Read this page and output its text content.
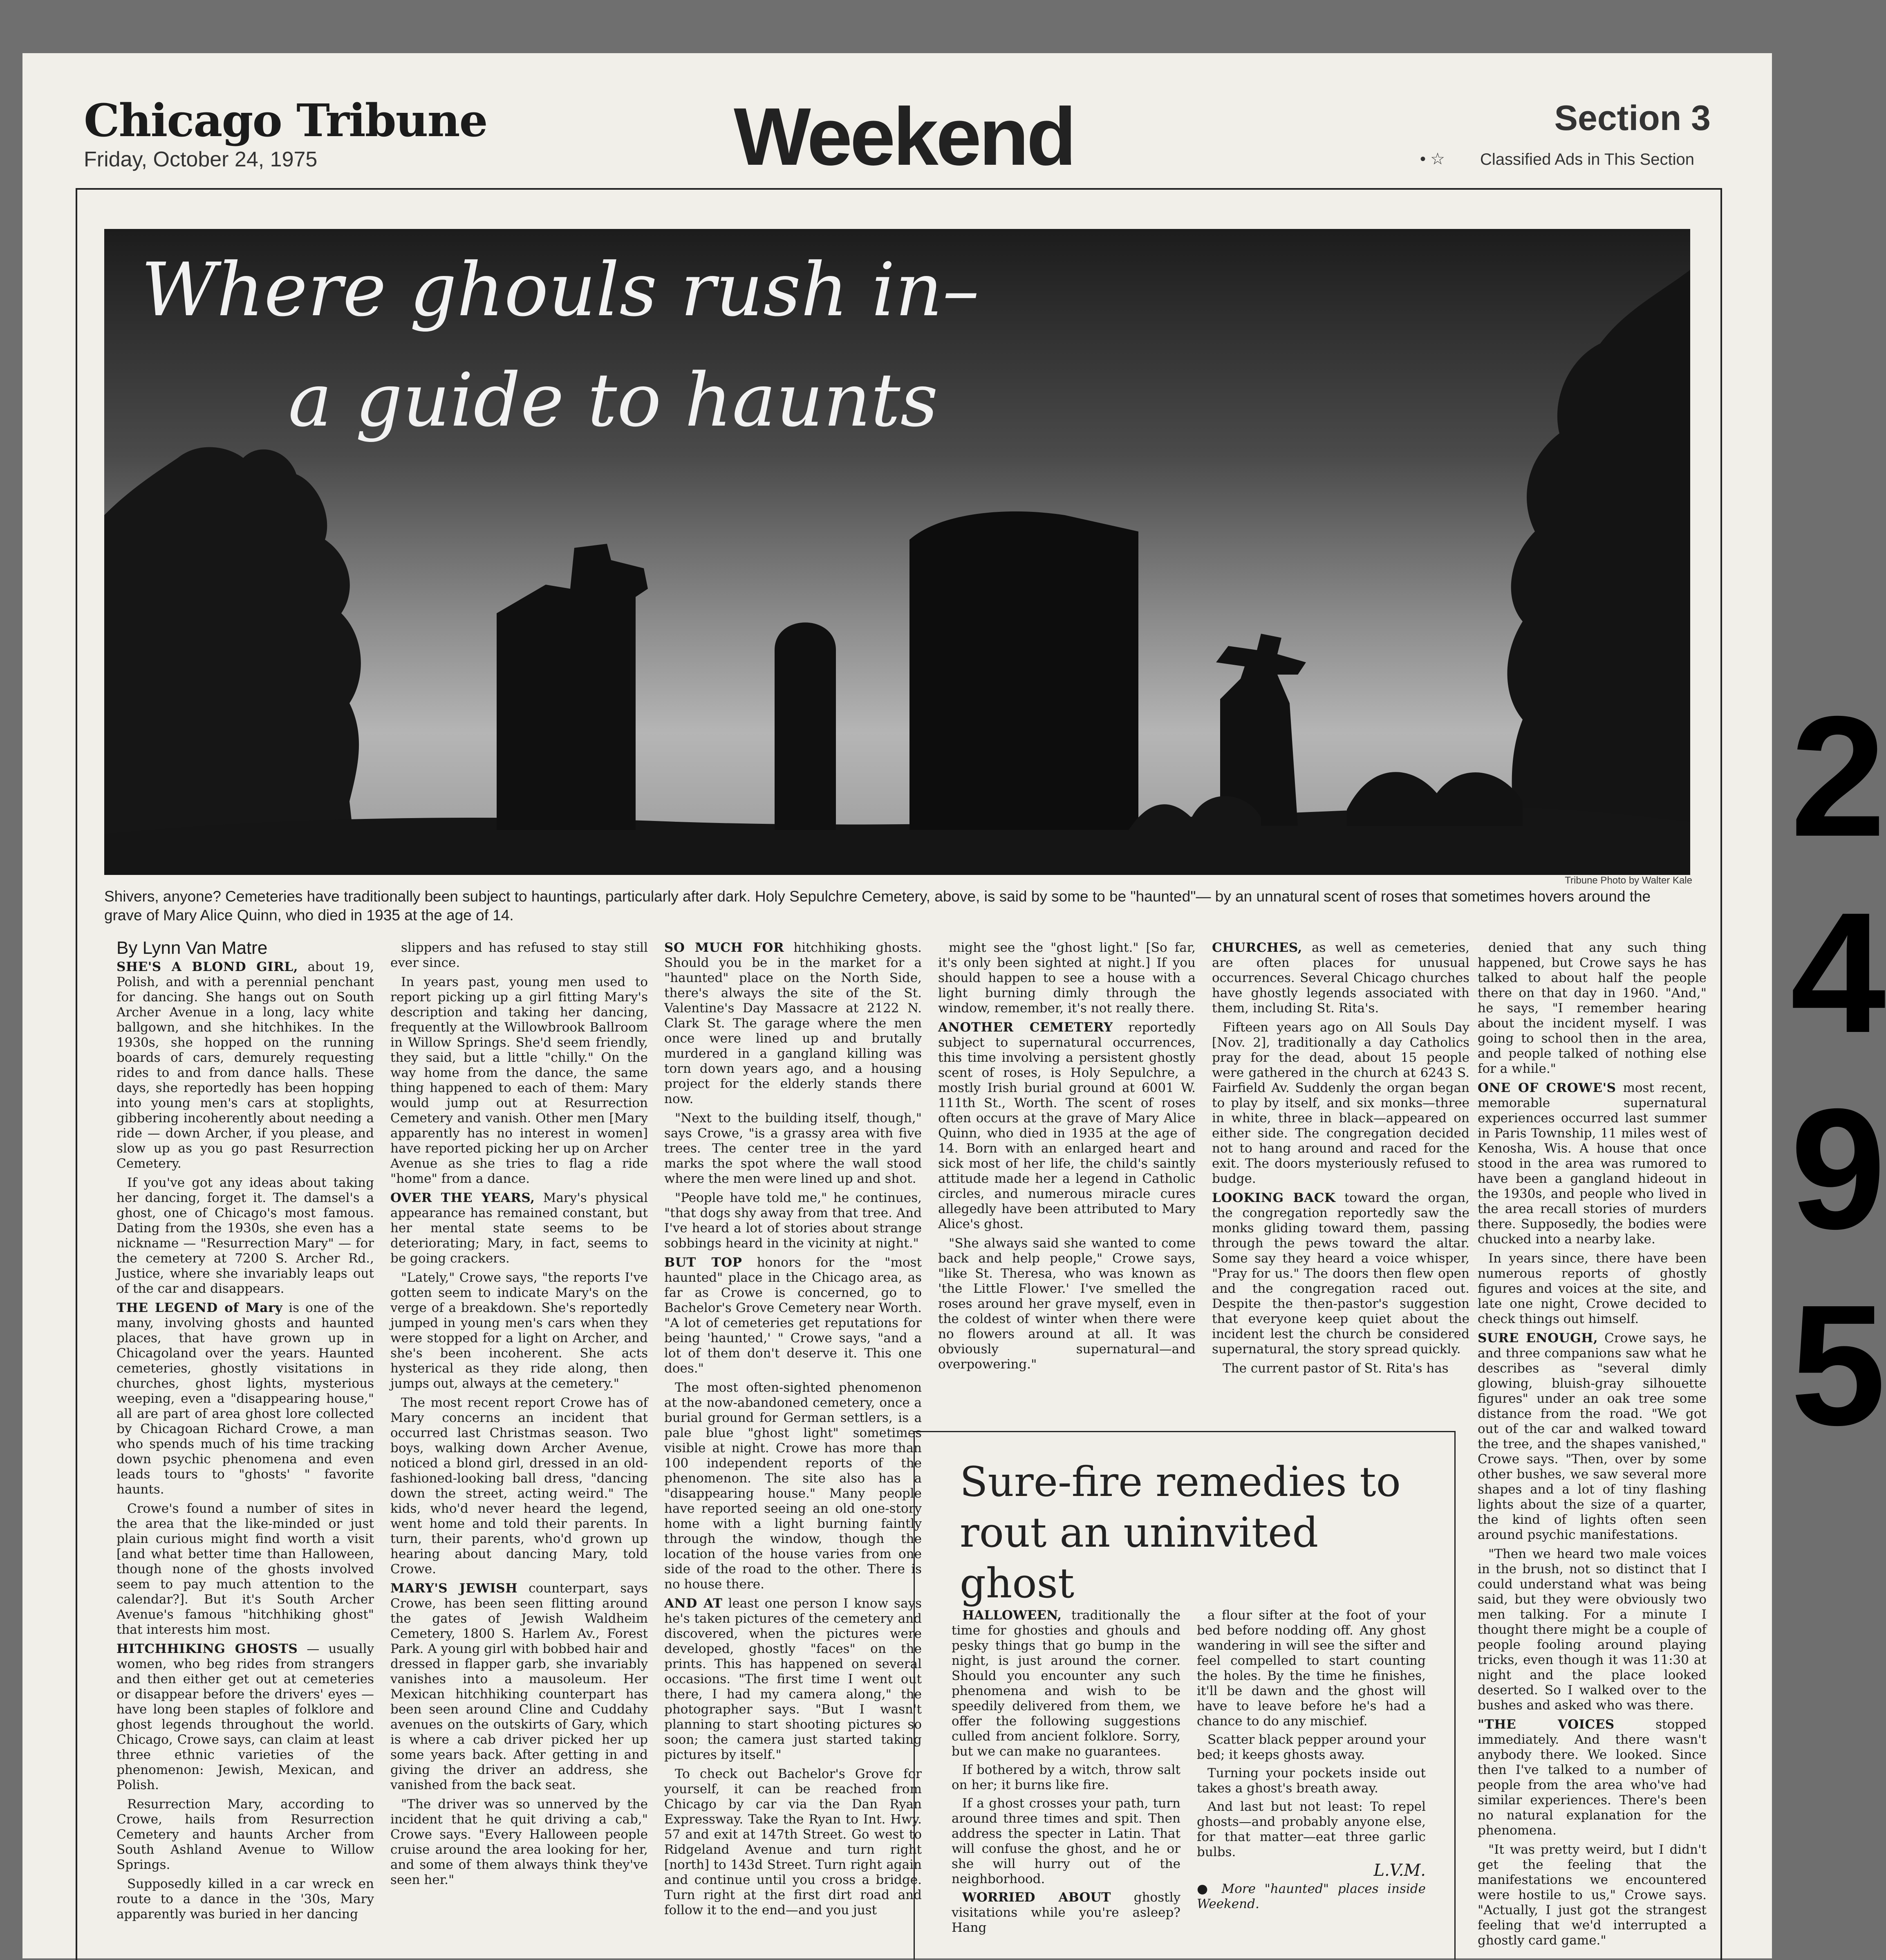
Chicago Tribune
Friday, October 24, 1975	Weekend	Section 3
• ☆ Classified Ads in This Section
Where ghouls rush in–
a guide to haunts
Tribune Photo by Walter Kale
Shivers, anyone? Cemeteries have traditionally been subject to hauntings, particularly after dark. Holy Sepulchre Cemetery, above, is said by some to be "haunted"— by an unnatural scent of roses that sometimes hovers around the grave of Mary Alice Quinn, who died in 1935 at the age of 14.

By Lynn Van Matre

SHE'S A BLOND GIRL, about 19, Polish, and with a perennial penchant for dancing. She hangs out on South Archer Avenue in a long, lacy white ballgown, and she hitchhikes. In the 1930s, she hopped on the running boards of cars, demurely requesting rides to and from dance halls. These days, she reportedly has been hopping into young men's cars at stoplights, gibbering incoherently about needing a ride — down Archer, if you please, and slow up as you go past Resurrection Cemetery.

If you've got any ideas about taking her dancing, forget it. The damsel's a ghost, one of Chicago's most famous. Dating from the 1930s, she even has a nickname — "Resurrection Mary" — for the cemetery at 7200 S. Archer Rd., Justice, where she invariably leaps out of the car and disappears.

THE LEGEND of Mary is one of the many, involving ghosts and haunted places, that have grown up in Chicagoland over the years. Haunted cemeteries, ghostly visitations in churches, ghost lights, mysterious weeping, even a "disappearing house," all are part of area ghost lore collected by Chicagoan Richard Crowe, a man who spends much of his time tracking down psychic phenomena and even leads tours to "ghosts' " favorite haunts.

Crowe's found a number of sites in the area that the like-minded or just plain curious might find worth a visit [and what better time than Halloween, though none of the ghosts involved seem to pay much attention to the calendar?]. But it's South Archer Avenue's famous "hitchhiking ghost" that interests him most.

HITCHHIKING GHOSTS — usually women, who beg rides from strangers and then either get out at cemeteries or disappear before the drivers' eyes — have long been staples of folklore and ghost legends throughout the world. Chicago, Crowe says, can claim at least three ethnic varieties of the phenomenon: Jewish, Mexican, and Polish.

Resurrection Mary, according to Crowe, hails from Resurrection Cemetery and haunts Archer from South Ashland Avenue to Willow Springs.

Supposedly killed in a car wreck en route to a dance in the '30s, Mary apparently was buried in her dancing

slippers and has refused to stay still ever since.

In years past, young men used to report picking up a girl fitting Mary's description and taking her dancing, frequently at the Willowbrook Ballroom in Willow Springs. She'd seem friendly, they said, but a little "chilly." On the way home from the dance, the same thing happened to each of them: Mary would jump out at Resurrection Cemetery and vanish. Other men [Mary apparently has no interest in women] have reported picking her up on Archer Avenue as she tries to flag a ride "home" from a dance.

OVER THE YEARS, Mary's physical appearance has remained constant, but her mental state seems to be deteriorating; Mary, in fact, seems to be going crackers.

"Lately," Crowe says, "the reports I've gotten seem to indicate Mary's on the verge of a breakdown. She's reportedly jumped in young men's cars when they were stopped for a light on Archer, and she's been incoherent. She acts hysterical as they ride along, then jumps out, always at the cemetery."

The most recent report Crowe has of Mary concerns an incident that occurred last Christmas season. Two boys, walking down Archer Avenue, noticed a blond girl, dressed in an old-fashioned-looking ball dress, "dancing down the street, acting weird." The kids, who'd never heard the legend, went home and told their parents. In turn, their parents, who'd grown up hearing about dancing Mary, told Crowe.

MARY'S JEWISH counterpart, says Crowe, has been seen flitting around the gates of Jewish Waldheim Cemetery, 1800 S. Harlem Av., Forest Park. A young girl with bobbed hair and dressed in flapper garb, she invariably vanishes into a mausoleum. Her Mexican hitchhiking counterpart has been seen around Cline and Cuddahy avenues on the outskirts of Gary, which is where a cab driver picked her up some years back. After getting in and giving the driver an address, she vanished from the back seat.

"The driver was so unnerved by the incident that he quit driving a cab," Crowe says. "Every Halloween people cruise around the area looking for her, and some of them always think they've seen her."

SO MUCH FOR hitchhiking ghosts. Should you be in the market for a "haunted" place on the North Side, there's always the site of the St. Valentine's Day Massacre at 2122 N. Clark St. The garage where the men once were lined up and brutally murdered in a gangland killing was torn down years ago, and a housing project for the elderly stands there now.

"Next to the building itself, though," says Crowe, "is a grassy area with five trees. The center tree in the yard marks the spot where the wall stood where the men were lined up and shot.

"People have told me," he continues, "that dogs shy away from that tree. And I've heard a lot of stories about strange sobbings heard in the vicinity at night."

BUT TOP honors for the "most haunted" place in the Chicago area, as far as Crowe is concerned, go to Bachelor's Grove Cemetery near Worth. "A lot of cemeteries get reputations for being 'haunted,' " Crowe says, "and a lot of them don't deserve it. This one does."

The most often-sighted phenomenon at the now-abandoned cemetery, once a burial ground for German settlers, is a pale blue "ghost light" sometimes visible at night. Crowe has more than 100 independent reports of the phenomenon. The site also has a "disappearing house." Many people have reported seeing an old one-story home with a light burning faintly through the window, though the location of the house varies from one side of the road to the other. There is no house there.

AND AT least one person I know says he's taken pictures of the cemetery and discovered, when the pictures were developed, ghostly "faces" on the prints. This has happened on several occasions. "The first time I went out there, I had my camera along," the photographer says. "But I wasn't planning to start shooting pictures so soon; the camera just started taking pictures by itself."

To check out Bachelor's Grove for yourself, it can be reached from Chicago by car via the Dan Ryan Expressway. Take the Ryan to Int. Hwy. 57 and exit at 147th Street. Go west to Ridgeland Avenue and turn right [north] to 143d Street. Turn right again and continue until you cross a bridge. Turn right at the first dirt road and follow it to the end—and you just

might see the "ghost light." [So far, it's only been sighted at night.] If you should happen to see a house with a light burning dimly through the window, remember, it's not really there.

ANOTHER CEMETERY reportedly subject to supernatural occurrences, this time involving a persistent ghostly scent of roses, is Holy Sepulchre, a mostly Irish burial ground at 6001 W. 111th St., Worth. The scent of roses often occurs at the grave of Mary Alice Quinn, who died in 1935 at the age of 14. Born with an enlarged heart and sick most of her life, the child's saintly attitude made her a legend in Catholic circles, and numerous miracle cures allegedly have been attributed to Mary Alice's ghost.

"She always said she wanted to come back and help people," Crowe says, "like St. Theresa, who was known as 'the Little Flower.' I've smelled the roses around her grave myself, even in the coldest of winter when there were no flowers around at all. It was obviously supernatural—and overpowering."

CHURCHES, as well as cemeteries, are often places for unusual occurrences. Several Chicago churches have ghostly legends associated with them, including St. Rita's.

Fifteen years ago on All Souls Day [Nov. 2], traditionally a day Catholics pray for the dead, about 15 people were gathered in the church at 6243 S. Fairfield Av. Suddenly the organ began to play by itself, and six monks—three in white, three in black—appeared on either side. The congregation decided not to hang around and raced for the exit. The doors mysteriously refused to budge.

LOOKING BACK toward the organ, the congregation reportedly saw the monks gliding toward them, passing through the pews toward the altar. Some say they heard a voice whisper, "Pray for us." The doors then flew open and the congregation raced out. Despite the then-pastor's suggestion that everyone keep quiet about the incident lest the church be considered supernatural, the story spread quickly.

The current pastor of St. Rita's has

denied that any such thing happened, but Crowe says he has talked to about half the people there on that day in 1960. "And," he says, "I remember hearing about the incident myself. I was going to school then in the area, and people talked of nothing else for a while."

ONE OF CROWE'S most recent, memorable supernatural experiences occurred last summer in Paris Township, 11 miles west of Kenosha, Wis. A house that once stood in the area was rumored to have been a gangland hideout in the 1930s, and people who lived in the area recall stories of murders there. Supposedly, the bodies were chucked into a nearby lake.

In years since, there have been numerous reports of ghostly figures and voices at the site, and late one night, Crowe decided to check things out himself.

SURE ENOUGH, Crowe says, he and three companions saw what he describes as "several dimly glowing, bluish-gray silhouette figures" under an oak tree some distance from the road. "We got out of the car and walked toward the tree, and the shapes vanished," Crowe says. "Then, over by some other bushes, we saw several more shapes and a lot of tiny flashing lights about the size of a quarter, the kind of lights often seen around psychic manifestations.

"Then we heard two male voices in the brush, not so distinct that I could understand what was being said, but they were obviously two men talking. For a minute I thought there might be a couple of people fooling around playing tricks, even though it was 11:30 at night and the place looked deserted. So I walked over to the bushes and asked who was there.

"THE VOICES stopped immediately. And there wasn't anybody there. We looked. Since then I've talked to a number of people from the area who've had similar experiences. There's been no natural explanation for the phenomena.

"It was pretty weird, but I didn't get the feeling that the manifestations we encountered were hostile to us," Crowe says. "Actually, I just got the strangest feeling that we'd interrupted a ghostly card game."

Sure-fire remedies to rout an uninvited ghost

HALLOWEEN, traditionally the time for ghosties and ghouls and pesky things that go bump in the night, is just around the corner. Should you encounter any such phenomena and wish to be speedily delivered from them, we offer the following suggestions culled from ancient folklore. Sorry, but we can make no guarantees.

If bothered by a witch, throw salt on her; it burns like fire.

If a ghost crosses your path, turn around three times and spit. Then address the specter in Latin. That will confuse the ghost, and he or she will hurry out of the neighborhood.

WORRIED ABOUT ghostly visitations while you're asleep? Hang

a flour sifter at the foot of your bed before nodding off. Any ghost wandering in will see the sifter and feel compelled to start counting the holes. By the time he finishes, it'll be dawn and the ghost will have to leave before he's had a chance to do any mischief.

Scatter black pepper around your bed; it keeps ghosts away.

Turning your pockets inside out takes a ghost's breath away.

And last but not least: To repel ghosts—and probably anyone else, for that matter—eat three garlic bulbs.

L.V.M.

● More "haunted" places inside Weekend.

2
4
9
5
